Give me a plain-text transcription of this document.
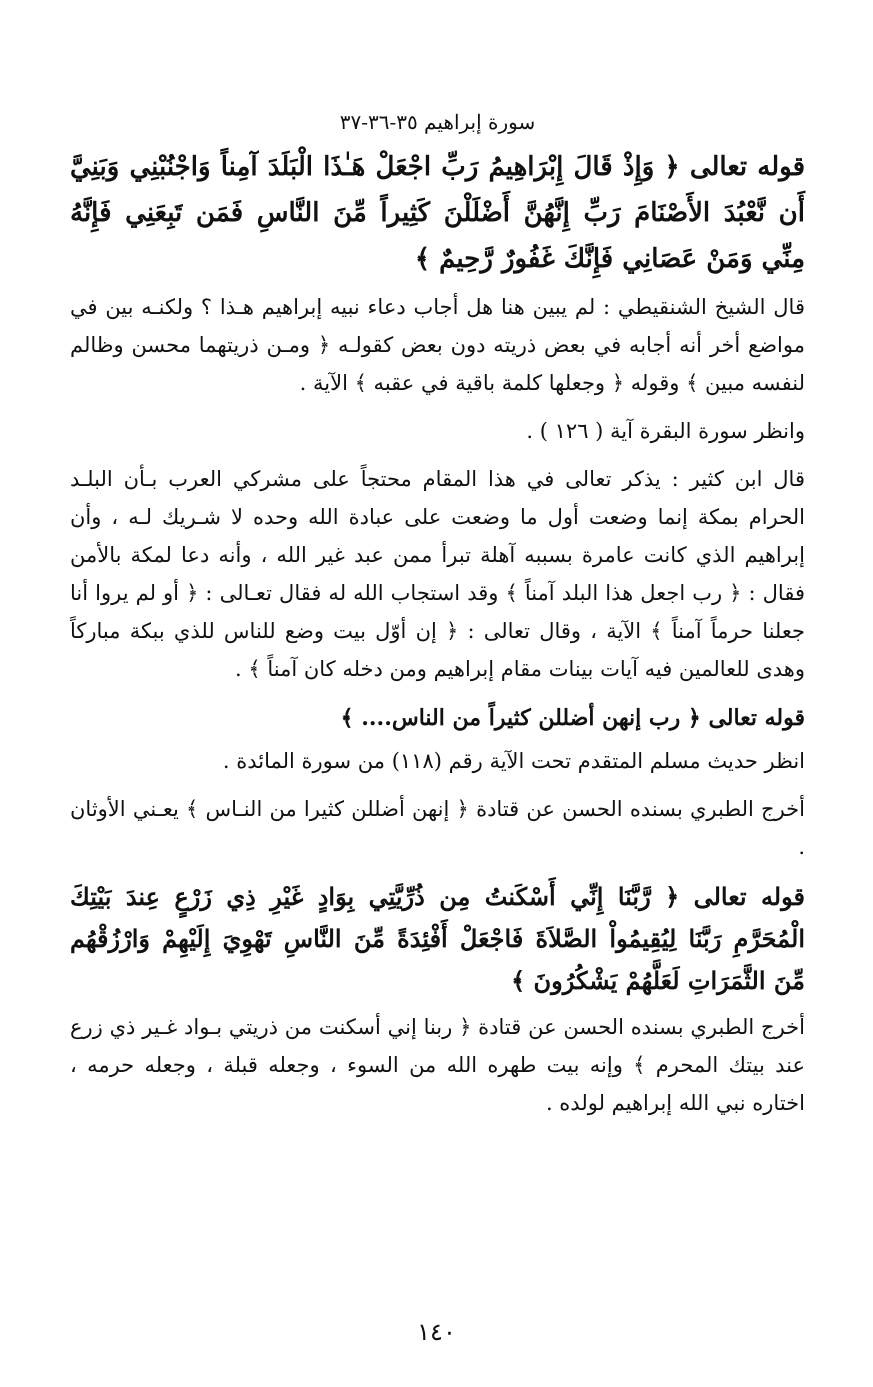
سورة إبراهيم ٣٥-٣٦-٣٧

قوله تعالى ﴿ وَإِذْ قَالَ إِبْرَاهِيمُ رَبِّ اجْعَلْ هَـٰذَا الْبَلَدَ آمِناً وَاجْنُبْنِي وَبَنِيَّ أَن نَّعْبُدَ الأَصْنَامَ رَبِّ إِنَّهُنَّ أَضْلَلْنَ كَثِيراً مِّنَ النَّاسِ فَمَن تَبِعَنِي فَإِنَّهُ مِنِّي وَمَنْ عَصَانِي فَإِنَّكَ غَفُورٌ رَّحِيمٌ ﴾

قال الشيخ الشنقيطي : لم يبين هنا هل أجاب دعاء نبيه إبراهيم هـذا ؟ ولكنـه بين في مواضع أخر أنه أجابه في بعض ذريته دون بعض كقولـه ﴿ ومـن ذريتهما محسن وظالم لنفسه مبين ﴾ وقوله ﴿ وجعلها كلمة باقية في عقبه ﴾ الآية .

وانظر سورة البقرة آية ( ١٢٦ ) .

قال ابن كثير : يذكر تعالى في هذا المقام محتجاً على مشركي العرب بـأن البلـد الحرام بمكة إنما وضعت أول ما وضعت على عبادة الله وحده لا شـريك لـه ، وأن إبراهيم الذي كانت عامرة بسببه آهلة تبرأ ممن عبد غير الله ، وأنه دعا لمكة بالأمن فقال : ﴿ رب اجعل هذا البلد آمناً ﴾ وقد استجاب الله له فقال تعـالى : ﴿ أو لم يروا أنا جعلنا حرماً آمناً ﴾ الآية ، وقال تعالى : ﴿ إن أوّل بيت وضع للناس للذي ببكة مباركاً وهدى للعالمين فيه آيات بينات مقام إبراهيم ومن دخله كان آمناً ﴾ .

قوله تعالى ﴿ رب إنهن أضللن كثيراً من الناس.... ﴾

انظر حديث مسلم المتقدم تحت الآية رقم (١١٨) من سورة المائدة .

أخرج الطبري بسنده الحسن عن قتادة ﴿ إنهن أضللن كثيرا من النـاس ﴾ يعـني الأوثان .

قوله تعالى ﴿ رَّبَّنَا إِنِّي أَسْكَنتُ مِن ذُرِّيَّتِي بِوَادٍ غَيْرِ ذِي زَرْعٍ عِندَ بَيْتِكَ الْمُحَرَّمِ رَبَّنَا لِيُقِيمُواْ الصَّلاَةَ فَاجْعَلْ أَفْئِدَةً مِّنَ النَّاسِ تَهْوِيَ إِلَيْهِمْ وَارْزُقْهُم مِّنَ الثَّمَرَاتِ لَعَلَّهُمْ يَشْكُرُونَ ﴾

أخرج الطبري بسنده الحسن عن قتادة ﴿ ربنا إني أسكنت من ذريتي بـواد غـير ذي زرع عند بيتك المحرم ﴾ وإنه بيت طهره الله من السوء ، وجعله قبلة ، وجعله حرمه ، اختاره نبي الله إبراهيم لولده .

١٤٠
